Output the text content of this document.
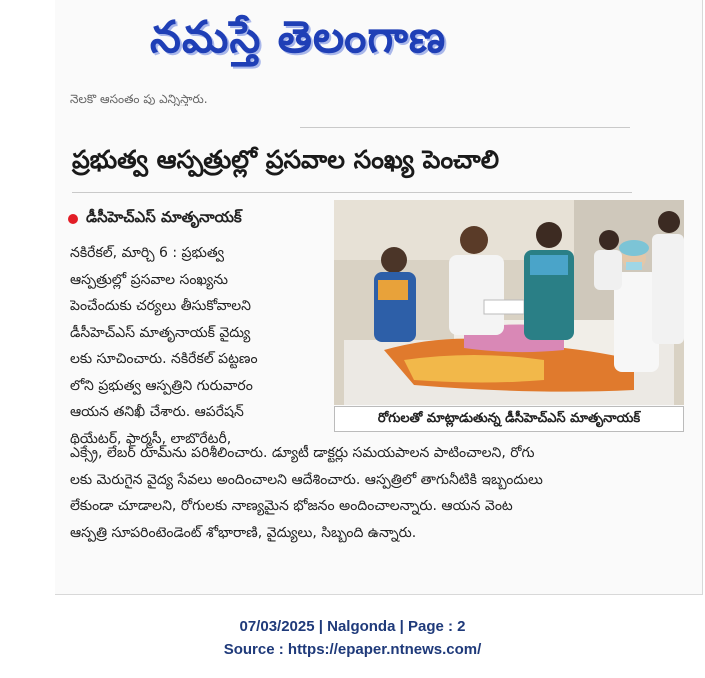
నమస్తే తెలంగాణ
నెలకొ ఆసంతం పు ఎన్నిస్తారు.
ప్రభుత్వ ఆస్పత్రుల్లో ప్రసవాల సంఖ్య పెంచాలి
డీసీహెచ్ఎస్ మాతృనాయక్
నకిరేకల్, మార్చి 6 : ప్రభుత్వ
ఆస్పత్రుల్లో ప్రసవాల సంఖ్యను
పెంచేందుకు చర్యలు తీసుకోవాలని
డీసీహెచ్ఎస్ మాతృనాయక్ వైద్యు
లకు సూచించారు. నకిరేకల్ పట్టణం
లోని ప్రభుత్వ ఆస్పత్రిని గురువారం
ఆయన తనిఖీ చేశారు. ఆపరేషన్
థియేటర్, ఫార్మసీ, లాబొరేటరీ,
రోగులతో మాట్లాడుతున్న డీసీహెచ్ఎస్ మాతృనాయక్
ఎక్స్రే, లేబర్ రూమ్‌ను పరిశీలించారు. డ్యూటీ డాక్టర్లు సమయపాలన పాటించాలని, రోగు
లకు మెరుగైన వైద్య సేవలు అందించాలని ఆదేశించారు. ఆస్పత్రిలో తాగునీటికి ఇబ్బందులు
లేకుండా చూడాలని, రోగులకు నాణ్యమైన భోజనం అందించాలన్నారు. ఆయన వెంట
ఆస్పత్రి సూపరింటెండెంట్ శోభారాణి, వైద్యులు, సిబ్బంది ఉన్నారు.
07/03/2025 | Nalgonda | Page : 2
Source : https://epaper.ntnews.com/
